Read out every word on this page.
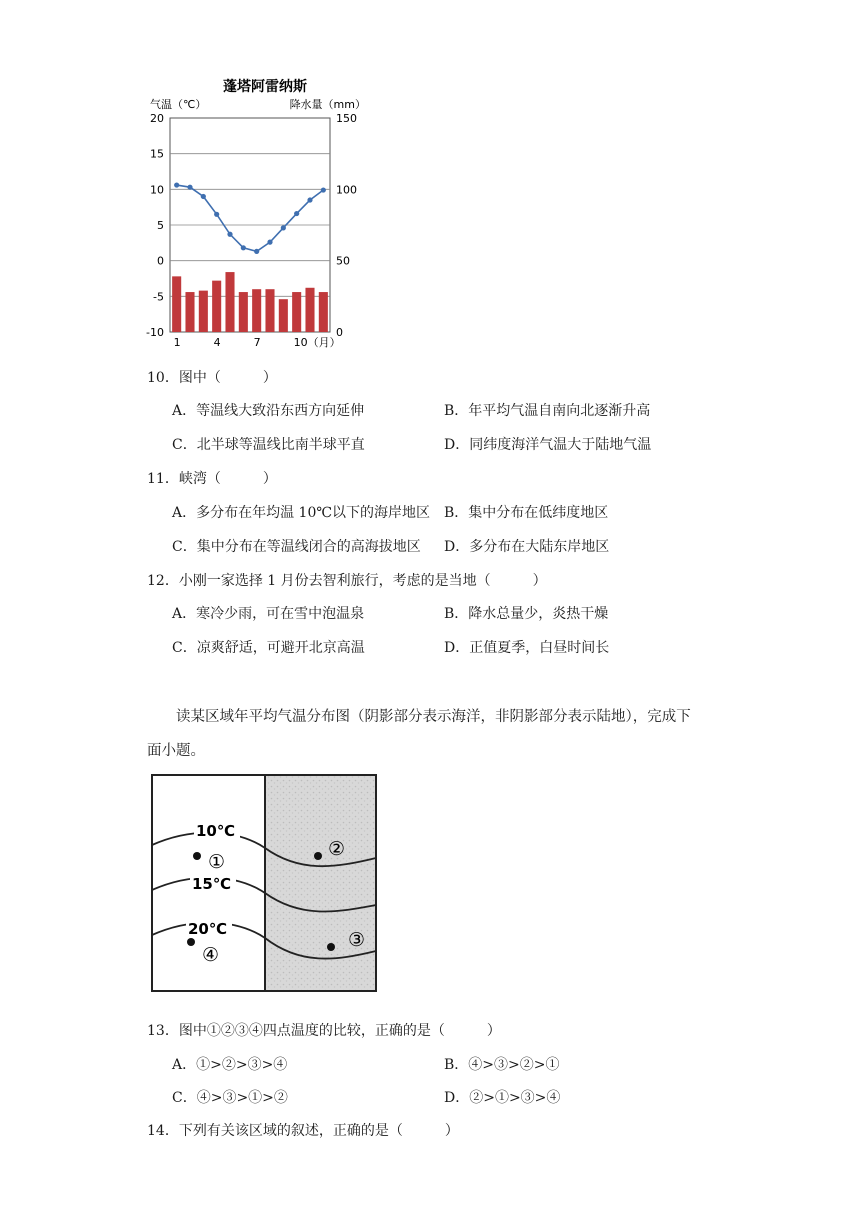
蓬塔阿雷纳斯
气温（℃）	降水量（mm）
20
15
10
5
0
-5
-10
150
100
50
0
1	4	7	10（月）
10．图中（　　　）
A．等温线大致沿东西方向延伸	B．年平均气温自南向北逐渐升高
C．北半球等温线比南半球平直	D．同纬度海洋气温大于陆地气温
11．峡湾（　　　）
A．多分布在年均温 10℃以下的海岸地区 B．集中分布在低纬度地区
C．集中分布在等温线闭合的高海拔地区 D．多分布在大陆东岸地区
12．小刚一家选择 1 月份去智利旅行，考虑的是当地（　　　）
A．寒冷少雨，可在雪中泡温泉	B．降水总量少，炎热干燥
C．凉爽舒适，可避开北京高温	D．正值夏季，白昼时间长
读某区域年平均气温分布图（阴影部分表示海洋，非阴影部分表示陆地），完成下
面小题。
10℃
15℃
20℃
①
②
③
④
13．图中①②③④四点温度的比较，正确的是（　　　）
A．①>②>③>④	B．④>③>②>①
C．④>③>①>②	D．②>①>③>④
14．下列有关该区域的叙述，正确的是（　　　）
